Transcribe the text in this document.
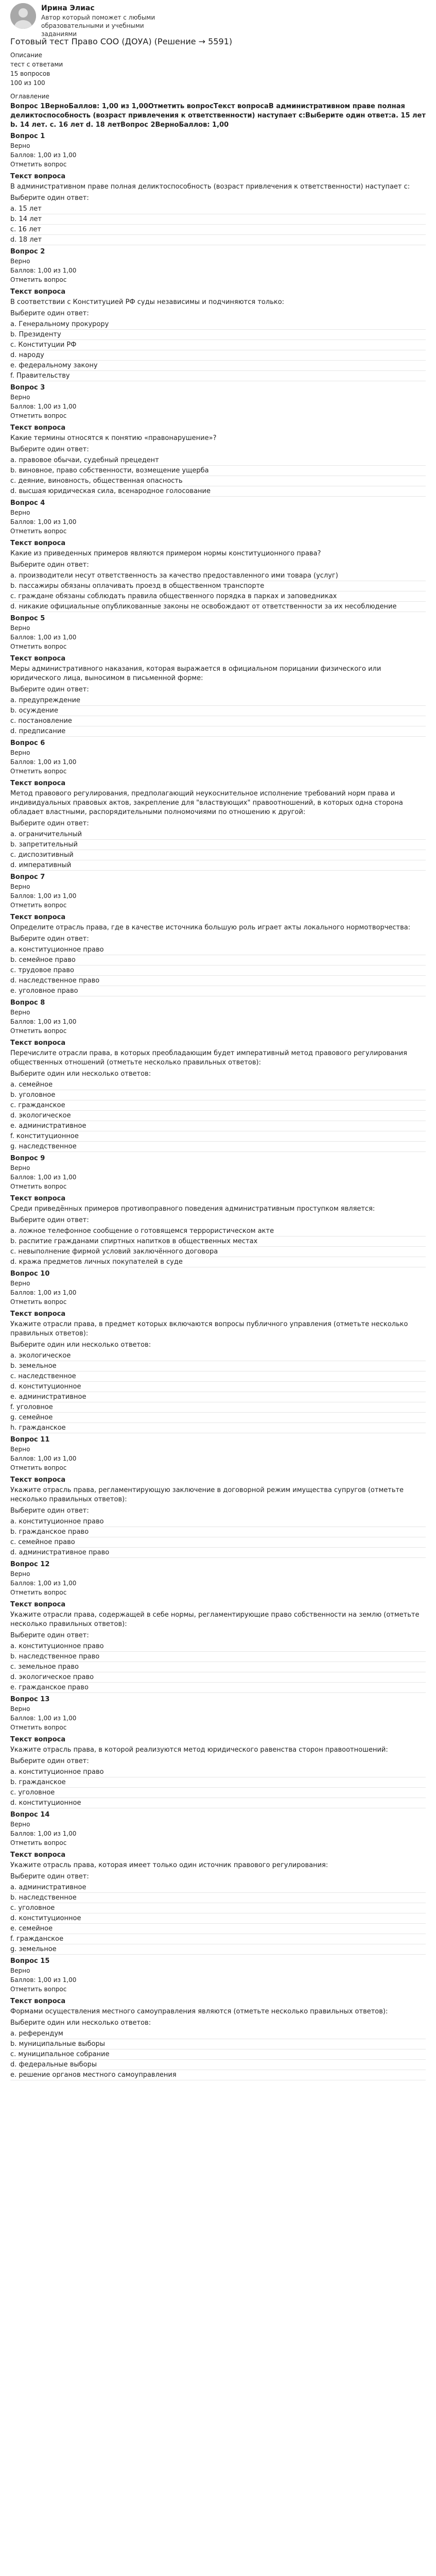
Ирина Элиас
Автор который поможет с любыми образовательными и учебными заданиями
Готовый тест Право СОО (ДОУА) (Решение → 5591)
Описание
тест с ответами
15 вопросов
100 из 100
Оглавление
Вопрос 1ВерноБаллов: 1,00 из 1,00Отметить вопросТекст вопросаВ административном праве полная деликтоспособность (возраст привлечения к ответственности) наступает с:Выберите один ответ:a. 15 лет b. 14 лет. c. 16 лет d. 18 летВопрос 2ВерноБаллов: 1,00
Вопрос 1
Верно
Баллов: 1,00 из 1,00
Отметить вопрос
Текст вопроса
В административном праве полная деликтоспособность (возраст привлечения к ответственности) наступает с:
Выберите один ответ:
a. 15 лет
b. 14 лет
c. 16 лет
d. 18 лет
Вопрос 2
Верно
Баллов: 1,00 из 1,00
Отметить вопрос
Текст вопроса
В соответствии с Конституцией РФ суды независимы и подчиняются только:
Выберите один ответ:
a. Генеральному прокурору
b. Президенту
c. Конституции РФ
d. народу
e. федеральному закону
f. Правительству
Вопрос 3
Верно
Баллов: 1,00 из 1,00
Отметить вопрос
Текст вопроса
Какие термины относятся к понятию «правонарушение»?
Выберите один ответ:
a. правовое обычаи, судебный прецедент
b. виновное, право собственности, возмещение ущерба
c. деяние, виновность, общественная опасность
d. высшая юридическая сила, всенародное голосование
Вопрос 4
Верно
Баллов: 1,00 из 1,00
Отметить вопрос
Текст вопроса
Какие из приведенных примеров являются примером нормы конституционного права?
Выберите один ответ:
a. производители несут ответственность за качество предоставленного ими товара (услуг)
b. пассажиры обязаны оплачивать проезд в общественном транспорте
c. граждане обязаны соблюдать правила общественного порядка в парках и заповедниках
d. никакие официальные опубликованные законы не освобождают от ответственности за их несоблюдение
Вопрос 5
Верно
Баллов: 1,00 из 1,00
Отметить вопрос
Текст вопроса
Меры административного наказания, которая выражается в официальном порицании физического или юридического лица, выносимом в письменной форме:
Выберите один ответ:
a. предупреждение
b. осуждение
c. постановление
d. предписание
Вопрос 6
Верно
Баллов: 1,00 из 1,00
Отметить вопрос
Текст вопроса
Метод правового регулирования, предполагающий неукоснительное исполнение требований норм права и индивидуальных правовых актов, закрепление для "властвующих" правоотношений, в которых одна сторона обладает властными, распорядительными полномочиями по отношению к другой:
Выберите один ответ:
a. ограничительный
b. запретительный
c. диспозитивный
d. императивный
Вопрос 7
Верно
Баллов: 1,00 из 1,00
Отметить вопрос
Текст вопроса
Определите отрасль права, где в качестве источника большую роль играет акты локального нормотворчества:
Выберите один ответ:
a. конституционное право
b. семейное право
c. трудовое право
d. наследственное право
e. уголовное право
Вопрос 8
Верно
Баллов: 1,00 из 1,00
Отметить вопрос
Текст вопроса
Перечислите отрасли права, в которых преобладающим будет императивный метод правового регулирования общественных отношений (отметьте несколько правильных ответов):
Выберите один или несколько ответов:
a. семейное
b. уголовное
c. гражданское
d. экологическое
e. административное
f. конституционное
g. наследственное
Вопрос 9
Верно
Баллов: 1,00 из 1,00
Отметить вопрос
Текст вопроса
Среди приведённых примеров противоправного поведения административным проступком является:
Выберите один ответ:
a. ложное телефонное сообщение о готовящемся террористическом акте
b. распитие гражданами спиртных напитков в общественных местах
c. невыполнение фирмой условий заключённого договора
d. кража предметов личных покупателей в суде
Вопрос 10
Верно
Баллов: 1,00 из 1,00
Отметить вопрос
Текст вопроса
Укажите отрасли права, в предмет которых включаются вопросы публичного управления (отметьте несколько правильных ответов):
Выберите один или несколько ответов:
a. экологическое
b. земельное
c. наследственное
d. конституционное
e. административное
f. уголовное
g. семейное
h. гражданское
Вопрос 11
Верно
Баллов: 1,00 из 1,00
Отметить вопрос
Текст вопроса
Укажите отрасль права, регламентирующую заключение в договорной режим имущества супругов (отметьте несколько правильных ответов):
Выберите один ответ:
a. конституционное право
b. гражданское право
c. семейное право
d. административное право
Вопрос 12
Верно
Баллов: 1,00 из 1,00
Отметить вопрос
Текст вопроса
Укажите отрасли права, содержащей в себе нормы, регламентирующие право собственности на землю (отметьте несколько правильных ответов):
Выберите один ответ:
a. конституционное право
b. наследственное право
c. земельное право
d. экологическое право
e. гражданское право
Вопрос 13
Верно
Баллов: 1,00 из 1,00
Отметить вопрос
Текст вопроса
Укажите отрасль права, в которой реализуются метод юридического равенства сторон правоотношений:
Выберите один ответ:
a. конституционное право
b. гражданское
c. уголовное
d. конституционное
Вопрос 14
Верно
Баллов: 1,00 из 1,00
Отметить вопрос
Текст вопроса
Укажите отрасль права, которая имеет только один источник правового регулирования:
Выберите один ответ:
a. административное
b. наследственное
c. уголовное
d. конституционное
e. семейное
f. гражданское
g. земельное
Вопрос 15
Верно
Баллов: 1,00 из 1,00
Отметить вопрос
Текст вопроса
Формами осуществления местного самоуправления являются (отметьте несколько правильных ответов):
Выберите один или несколько ответов:
a. референдум
b. муниципальные выборы
c. муниципальное собрание
d. федеральные выборы
e. решение органов местного самоуправления
